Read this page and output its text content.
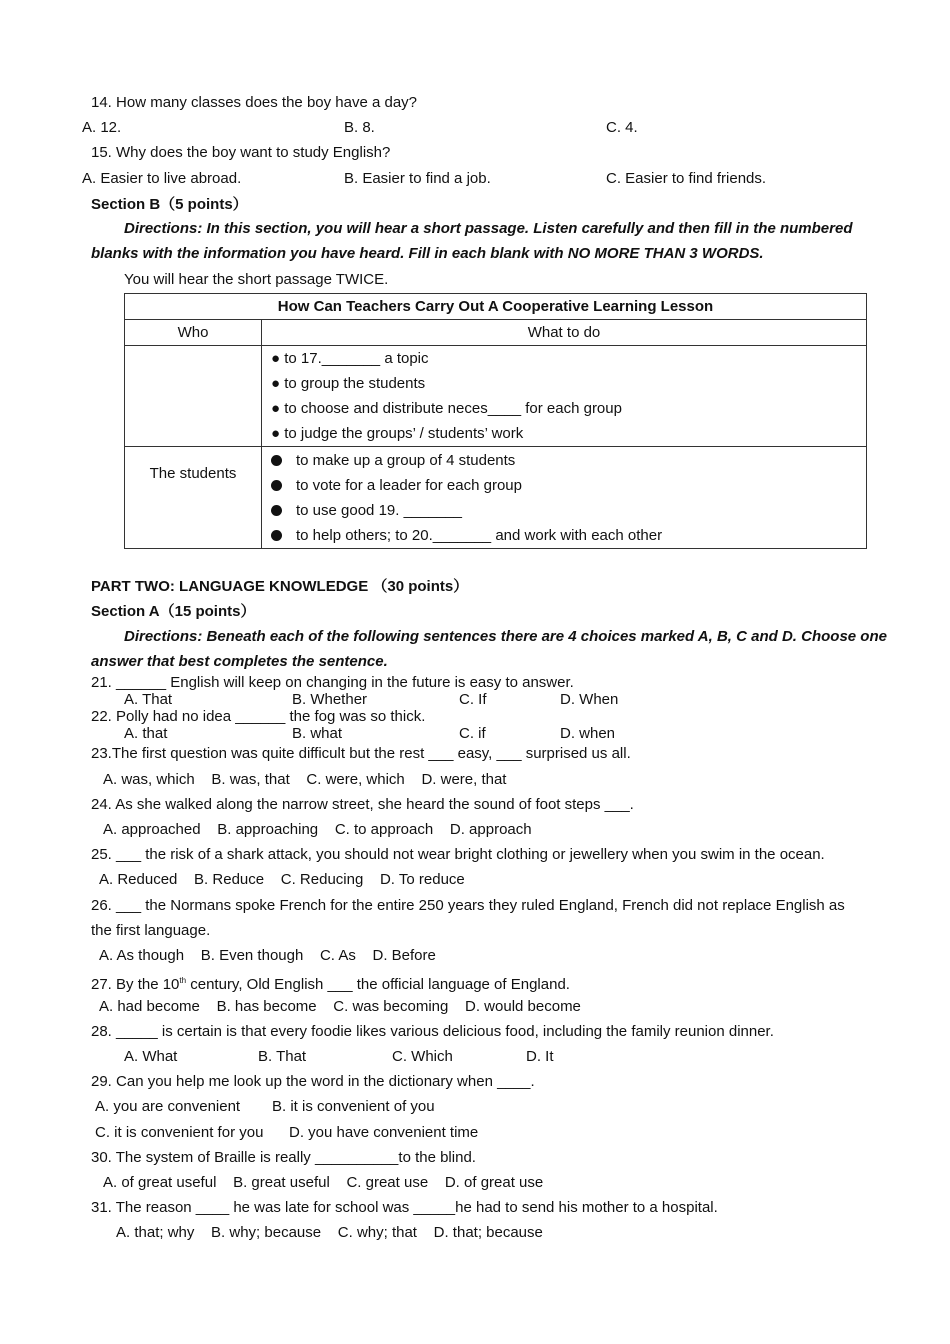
14. How many classes does the boy have a day?
A. 12.	B. 8.	C. 4.
15. Why does the boy want to study English?
A. Easier to live abroad.	B. Easier to find a job.	C. Easier to find friends.
Section B（5 points）
Directions: In this section, you will hear a short passage. Listen carefully and then fill in the numbered
blanks with the information you have heard. Fill in each blank with NO MORE THAN 3 WORDS.
You will hear the short passage TWICE.
How Can Teachers Carry Out A Cooperative Learning Lesson	
Who	What to do

	● to 17._______ a topic
● to group the students
● to choose and distribute neces____ for each group
● to judge the groups’ / students’ work

The students	to make up a group of 4 students
to vote for a leader for each group
to use good 19. _______
to help others; to 20._______ and work with each other
PART TWO: LANGUAGE KNOWLEDGE （30 points）
Section A（15 points）
Directions: Beneath each of the following sentences there are 4 choices marked A, B, C and D. Choose one
answer that best completes the sentence.
21. ______ English will keep on changing in the future is easy to answer.
A. That	B. Whether	C. If	D. When
22. Polly had no idea ______ the fog was so thick.
A. that	B. what	C. if	D. when
23.The first question was quite difficult but the rest ___ easy, ___ surprised us all.
A. was, which    B. was, that    C. were, which    D. were, that
24. As she walked along the narrow street, she heard the sound of foot steps ___.
A. approached    B. approaching    C. to approach    D. approach
25. ___ the risk of a shark attack, you should not wear bright clothing or jewellery when you swim in the ocean.
A. Reduced    B. Reduce    C. Reducing    D. To reduce
26. ___ the Normans spoke French for the entire 250 years they ruled England, French did not replace English as
the first language.
A. As though    B. Even though    C. As    D. Before
27. By the 10th century, Old English ___ the official language of England.
A. had become    B. has become    C. was becoming    D. would become
28. _____ is certain is that every foodie likes various delicious food, including the family reunion dinner.
A. What	B. That	C. Which	D. It
29. Can you help me look up the word in the dictionary when ____.
A. you are convenient B. it is convenient of you
C. it is convenient for you D. you have convenient time
30. The system of Braille is really __________to the blind.
A. of great useful    B. great useful    C. great use    D. of great use
31. The reason ____ he was late for school was _____he had to send his mother to a hospital.
A. that; why    B. why; because    C. why; that    D. that; because
